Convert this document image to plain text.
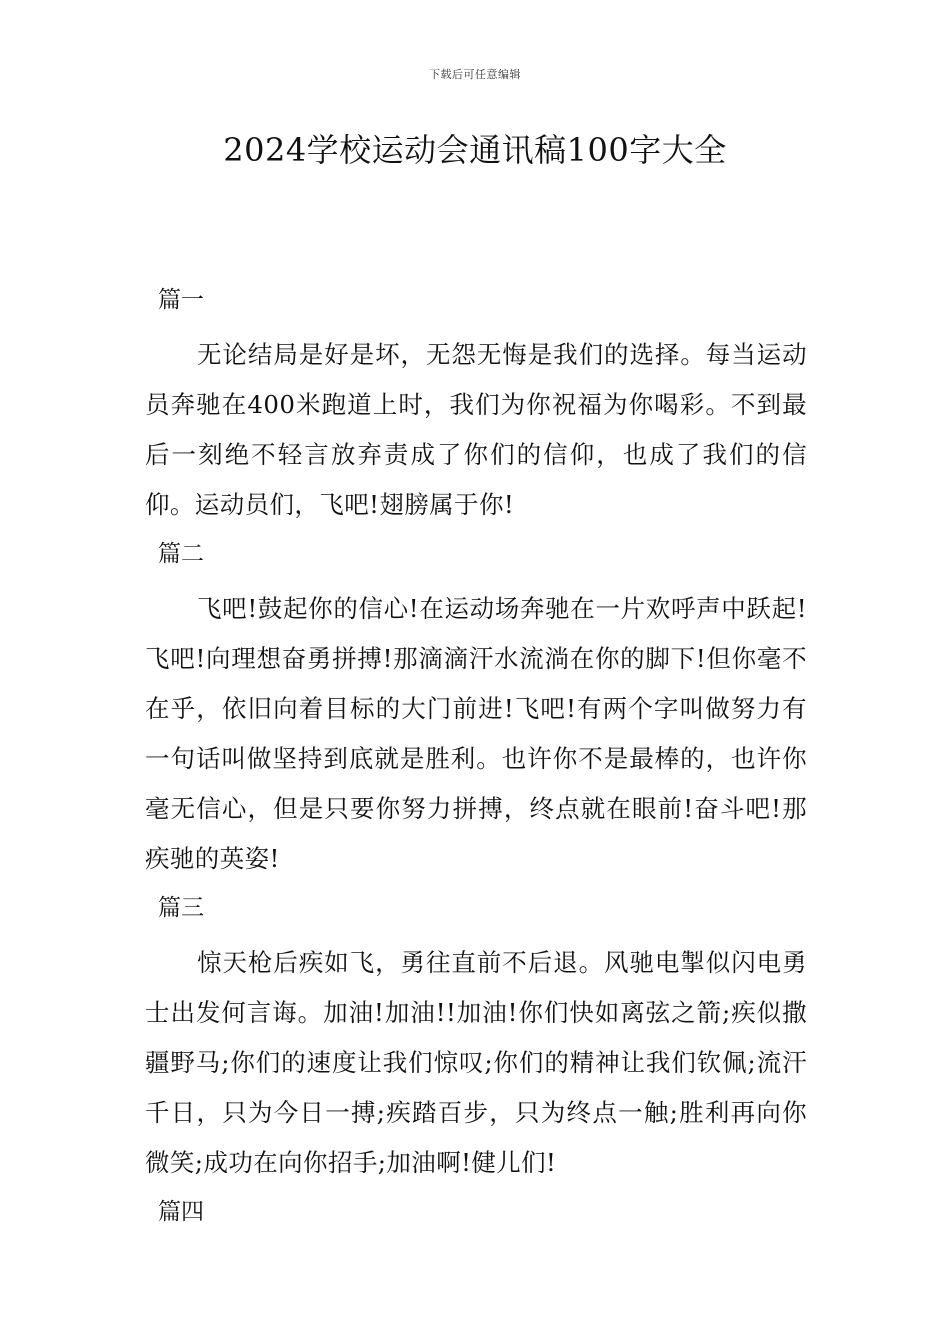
下载后可任意编辑
2024学校运动会通讯稿100字大全

篇一

无论结局是好是坏，无怨无悔是我们的选择。每当运动员奔驰在400米跑道上时，我们为你祝福为你喝彩。不到最后一刻绝不轻言放弃责成了你们的信仰，也成了我们的信仰。运动员们，飞吧!翅膀属于你!

篇二

飞吧!鼓起你的信心!在运动场奔驰在一片欢呼声中跃起!飞吧!向理想奋勇拼搏!那滴滴汗水流淌在你的脚下!但你毫不在乎，依旧向着目标的大门前进!飞吧!有两个字叫做努力有一句话叫做坚持到底就是胜利。也许你不是最棒的，也许你毫无信心，但是只要你努力拼搏，终点就在眼前!奋斗吧!那疾驰的英姿!

篇三

惊天枪后疾如飞，勇往直前不后退。风驰电掣似闪电勇士出发何言诲。加油!加油!!加油!你们快如离弦之箭;疾似撒疆野马;你们的速度让我们惊叹;你们的精神让我们钦佩;流汗千日，只为今日一搏;疾踏百步，只为终点一触;胜利再向你微笑;成功在向你招手;加油啊!健儿们!

篇四
